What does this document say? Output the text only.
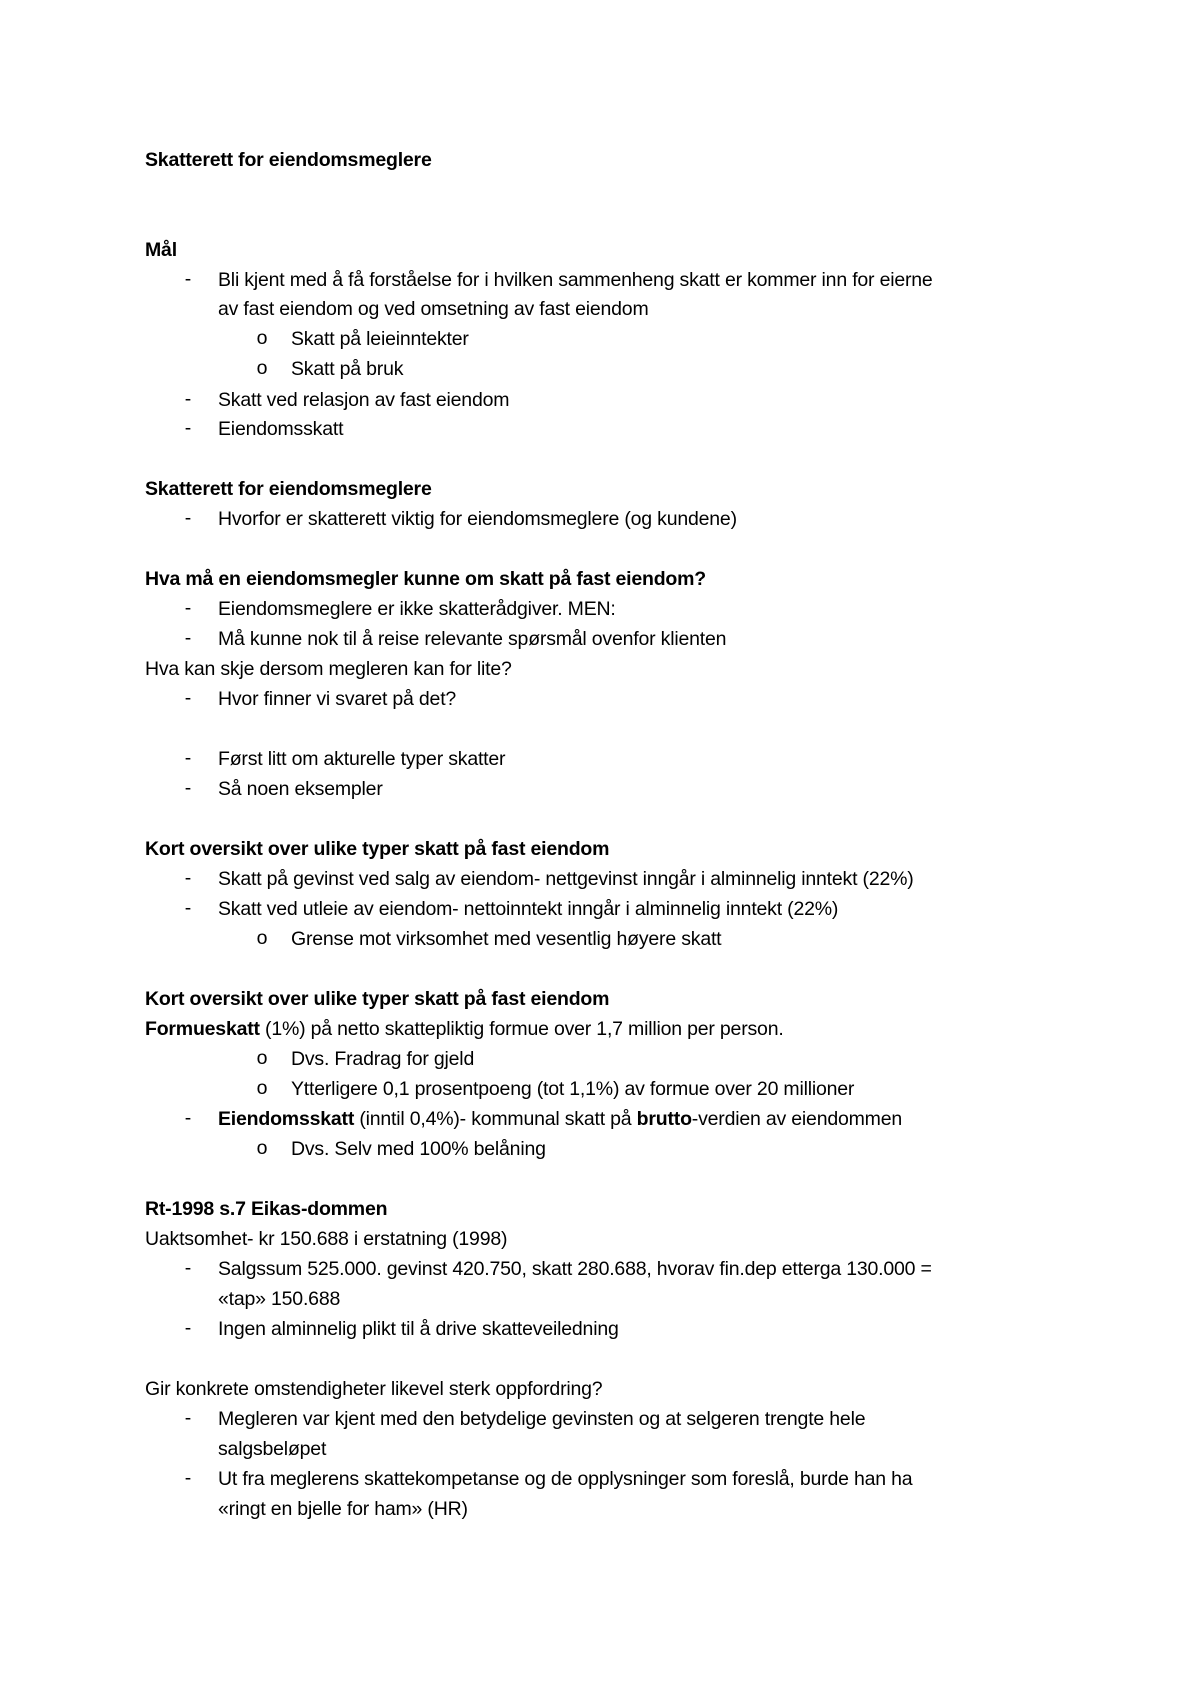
Skatterett for eiendomsmeglere
Mål
-	Bli kjent med å få forståelse for i hvilken sammenheng skatt er kommer inn for eierne
av fast eiendom og ved omsetning av fast eiendom
o Skatt på leieinntekter
o Skatt på bruk
-	Skatt ved relasjon av fast eiendom
-	Eiendomsskatt
Skatterett for eiendomsmeglere
-	Hvorfor er skatterett viktig for eiendomsmeglere (og kundene)
Hva må en eiendomsmegler kunne om skatt på fast eiendom?
-	Eiendomsmeglere er ikke skatterådgiver. MEN:
-	Må kunne nok til å reise relevante spørsmål ovenfor klienten
Hva kan skje dersom megleren kan for lite?
-	Hvor finner vi svaret på det?
-	Først litt om akturelle typer skatter
-	Så noen eksempler
Kort oversikt over ulike typer skatt på fast eiendom
-	Skatt på gevinst ved salg av eiendom- nettgevinst inngår i alminnelig inntekt (22%)
-	Skatt ved utleie av eiendom- nettoinntekt inngår i alminnelig inntekt (22%)
o Grense mot virksomhet med vesentlig høyere skatt
Kort oversikt over ulike typer skatt på fast eiendom
Formueskatt (1%) på netto skattepliktig formue over 1,7 million per person.
o Dvs. Fradrag for gjeld
o Ytterligere 0,1 prosentpoeng (tot 1,1%) av formue over 20 millioner
-	Eiendomsskatt (inntil 0,4%)- kommunal skatt på brutto-verdien av eiendommen
o Dvs. Selv med 100% belåning
Rt-1998 s.7 Eikas-dommen
Uaktsomhet- kr 150.688 i erstatning (1998)
-	Salgssum 525.000. gevinst 420.750, skatt 280.688, hvorav fin.dep etterga 130.000 =
«tap» 150.688
-	Ingen alminnelig plikt til å drive skatteveiledning
Gir konkrete omstendigheter likevel sterk oppfordring?
-	Megleren var kjent med den betydelige gevinsten og at selgeren trengte hele
salgsbeløpet
-	Ut fra meglerens skattekompetanse og de opplysninger som foreslå, burde han ha
«ringt en bjelle for ham» (HR)
